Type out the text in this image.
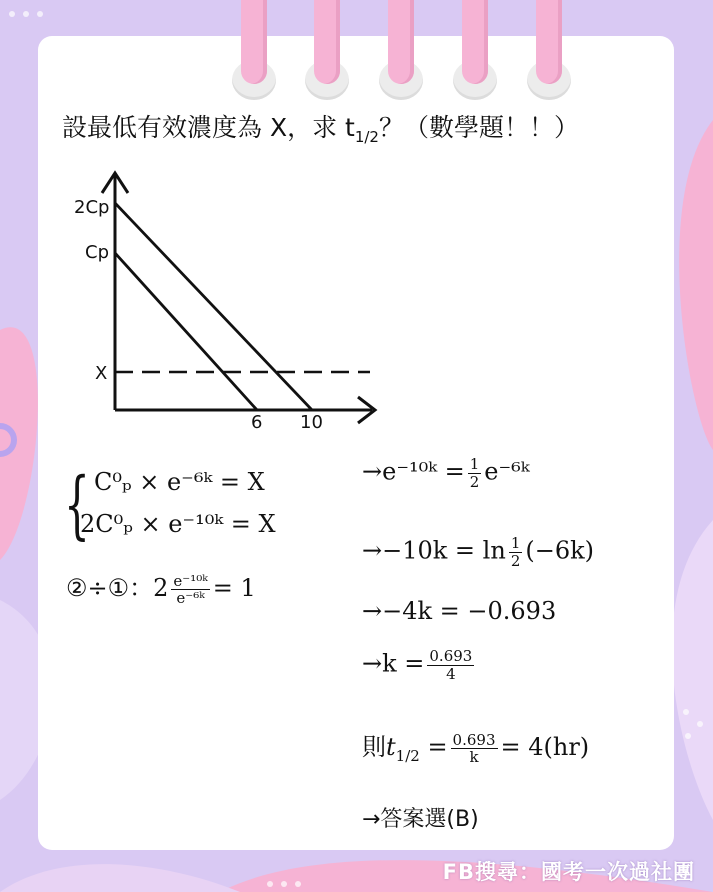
設最低有效濃度為 X，求 $t_{1/2}$？（數學題！！）
2Cp
Cp
X
6 10
{ C⁰ₚ × e⁻⁶ᵏ = X
2C⁰ₚ × e⁻¹⁰ᵏ = X
②÷①：$2 \frac{\text{e⁻¹⁰ᵏ}}{\text{e⁻⁶ᵏ}} = 1$
→e⁻¹⁰ᵏ = $\frac{1}{2}$ e⁻⁶ᵏ
$\to-10k = \ln \frac{1}{2} (-6k)$
→−4k = −0.693
$\to k = \frac{0.693}{4}$
則$t_{1/2} = \frac{0.693}{k} = 4(hr)$
→答案選(B)
FB搜尋：國考一次過社團
